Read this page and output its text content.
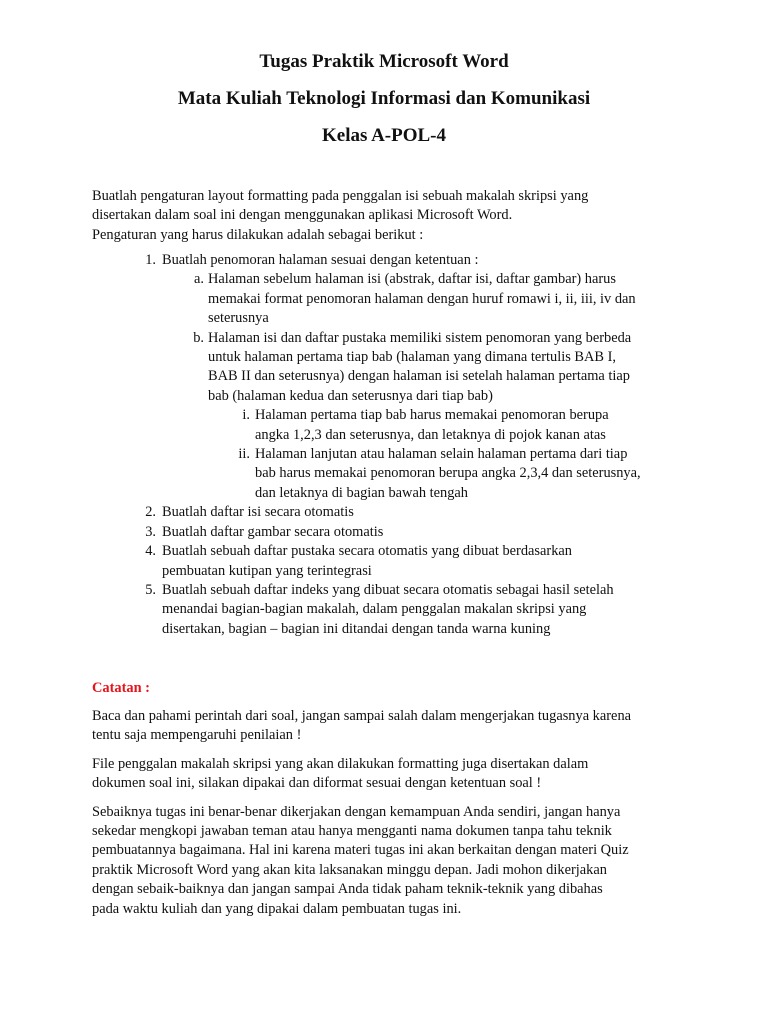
Tugas Praktik Microsoft Word

Mata Kuliah Teknologi Informasi dan Komunikasi

Kelas A-POL-4

Buatlah pengaturan layout formatting pada penggalan isi sebuah makalah skripsi yang

disertakan dalam soal ini dengan menggunakan aplikasi Microsoft Word.

Pengaturan yang harus dilakukan adalah sebagai berikut :

1. Buatlah penomoran halaman sesuai dengan ketentuan :
a. Halaman sebelum halaman isi (abstrak, daftar isi, daftar gambar) harus
memakai format penomoran halaman dengan huruf romawi i, ii, iii, iv dan
seterusnya
b. Halaman isi dan daftar pustaka memiliki sistem penomoran yang berbeda
untuk halaman pertama tiap bab (halaman yang dimana tertulis BAB I,
BAB II dan seterusnya) dengan halaman isi setelah halaman pertama tiap
bab (halaman kedua dan seterusnya dari tiap bab)
i. Halaman pertama tiap bab harus memakai penomoran berupa
angka 1,2,3 dan seterusnya, dan letaknya di pojok kanan atas
ii. Halaman lanjutan atau halaman selain halaman pertama dari tiap
bab harus memakai penomoran berupa angka 2,3,4 dan seterusnya,
dan letaknya di bagian bawah tengah
2. Buatlah daftar isi secara otomatis
3. Buatlah daftar gambar secara otomatis
4. Buatlah sebuah daftar pustaka secara otomatis yang dibuat berdasarkan
pembuatan kutipan yang terintegrasi
5. Buatlah sebuah daftar indeks yang dibuat secara otomatis sebagai hasil setelah
menandai bagian-bagian makalah, dalam penggalan makalan skripsi yang
disertakan, bagian – bagian ini ditandai dengan tanda warna kuning
Catatan :

Baca dan pahami perintah dari soal, jangan sampai salah dalam mengerjakan tugasnya karena
tentu saja mempengaruhi penilaian !

File penggalan makalah skripsi yang akan dilakukan formatting juga disertakan dalam
dokumen soal ini, silakan dipakai dan diformat sesuai dengan ketentuan soal !

Sebaiknya tugas ini benar-benar dikerjakan dengan kemampuan Anda sendiri, jangan hanya
sekedar mengkopi jawaban teman atau hanya mengganti nama dokumen tanpa tahu teknik
pembuatannya bagaimana. Hal ini karena materi tugas ini akan berkaitan dengan materi Quiz
praktik Microsoft Word yang akan kita laksanakan minggu depan. Jadi mohon dikerjakan
dengan sebaik-baiknya dan jangan sampai Anda tidak paham teknik-teknik yang dibahas
pada waktu kuliah dan yang dipakai dalam pembuatan tugas ini.
